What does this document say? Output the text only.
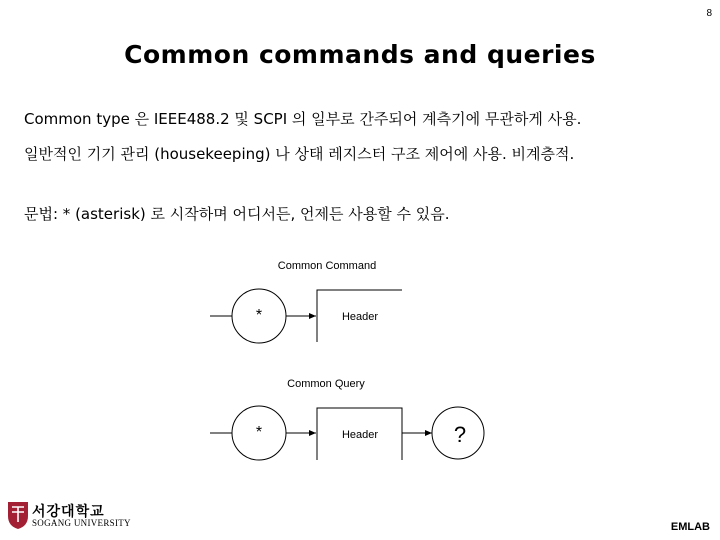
8
Common commands and queries
Common type 은 IEEE488.2 및 SCPI 의 일부로 간주되어 계측기에 무관하게 사용.
일반적인 기기 관리 (housekeeping) 나 상태 레지스터 구조 제어에 사용. 비계층적.
문법: * (asterisk) 로 시작하며 어디서든, 언제든 사용할 수 있음.
Common Command
*	Header
Common Query
*	Header	?
서강대학교
SOGANG UNIVERSITY	EMLAB
